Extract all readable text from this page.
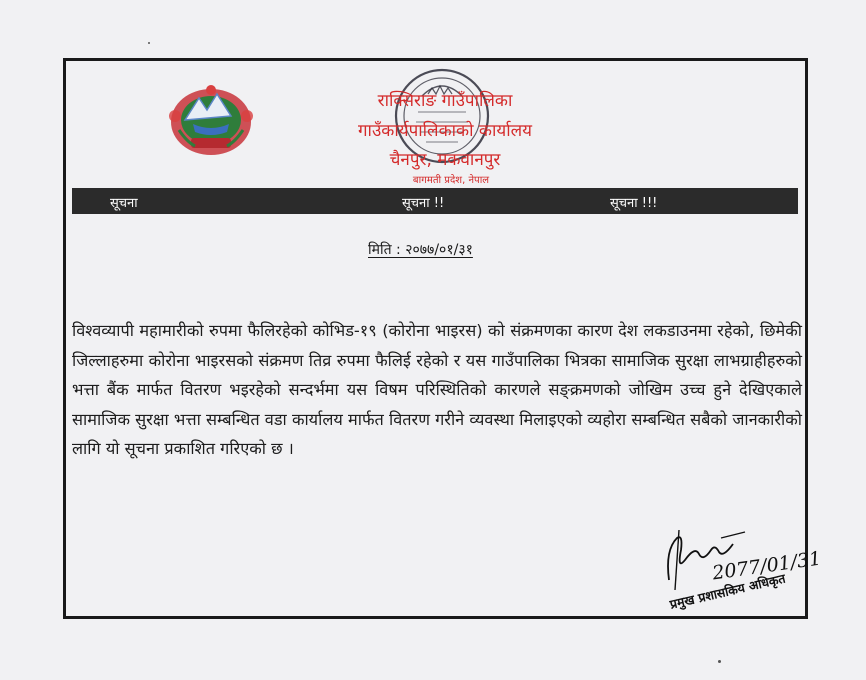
राक्सिराङ गाउँपालिका
गाउँकार्यपालिकाको कार्यालय
चैनपुर, मकवानपुर
बागमती प्रदेश, नेपाल
सूचना	सूचना !!	सूचना !!!
मिति : २०७७/०१/३१

विश्वव्यापी महामारीको रुपमा फैलिरहेको कोभिड-१९ (कोरोना भाइरस) को संक्रमणका कारण देश लकडाउनमा रहेको, छिमेकी जिल्लाहरुमा कोरोना भाइरसको संक्रमण तिव्र रुपमा फैलिई रहेको र यस गाउँपालिका भित्रका सामाजिक सुरक्षा लाभग्राहीहरुको भत्ता बैंक मार्फत वितरण भइरहेको सन्दर्भमा यस विषम परिस्थितिको कारणले सङ्क्रमणको जोखिम उच्च हुने देखिएकाले सामाजिक सुरक्षा भत्ता सम्बन्धित वडा कार्यालय मार्फत वितरण गरीने व्यवस्था मिलाइएको व्यहोरा सम्बन्धित सबैको जानकारीको लागि यो सूचना प्रकाशित गरिएको छ ।

2077/01/31
प्रमुख प्रशासकिय अधिकृत
